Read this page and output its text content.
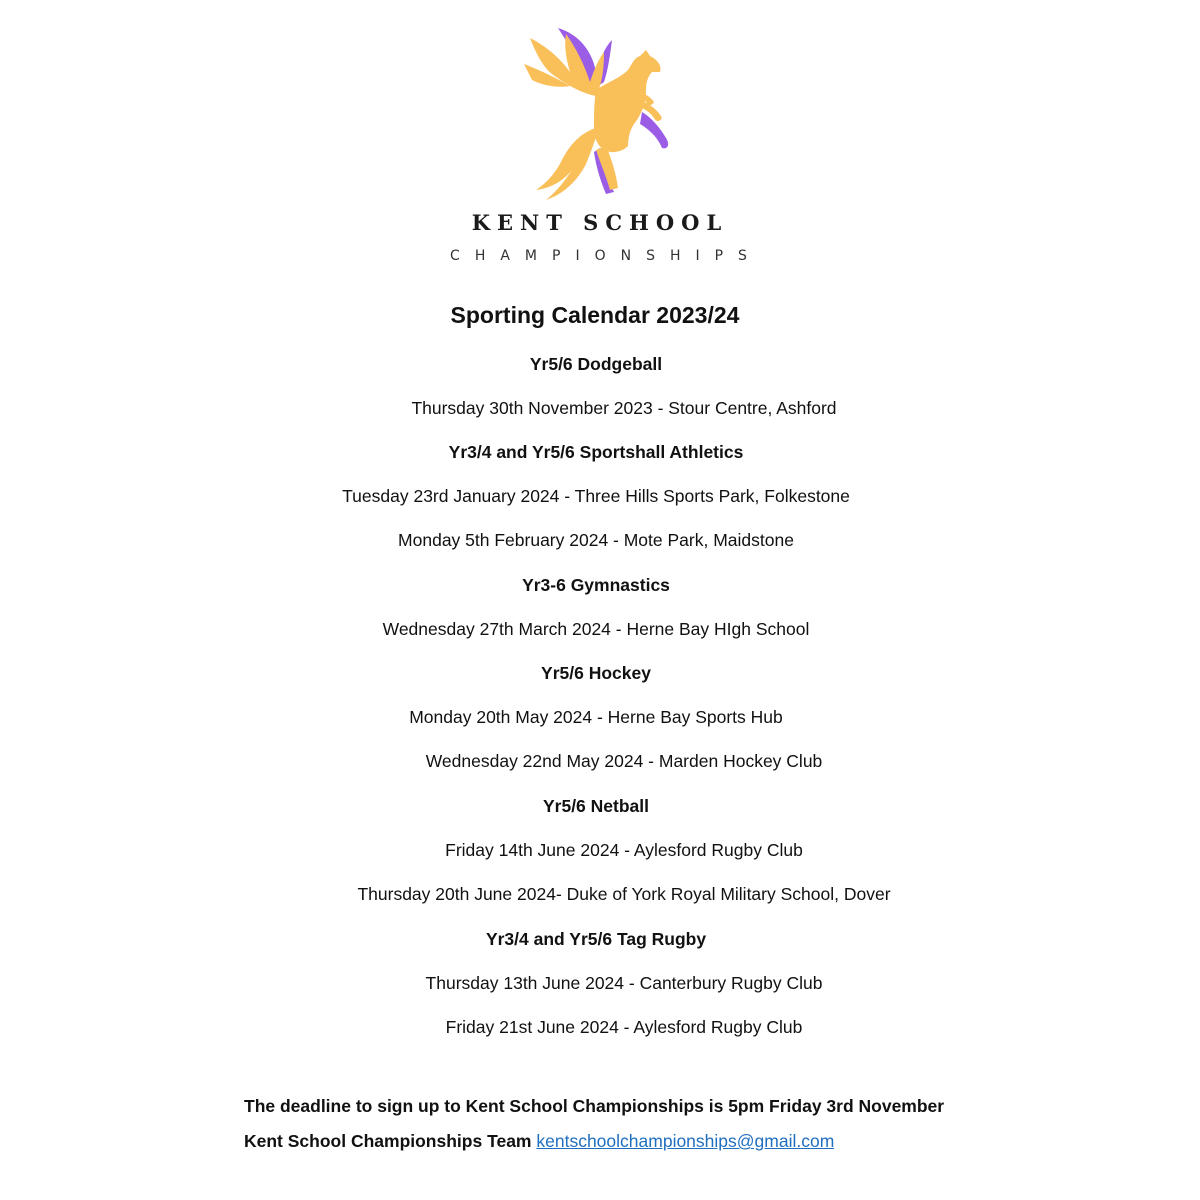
KENT SCHOOL
CHAMPIONSHIPS
Sporting Calendar 2023/24
Yr5/6 Dodgeball
Thursday 30th November 2023 - Stour Centre, Ashford
Yr3/4 and Yr5/6 Sportshall Athletics
Tuesday 23rd January 2024 - Three Hills Sports Park, Folkestone
Monday 5th February 2024 - Mote Park, Maidstone
Yr3-6 Gymnastics
Wednesday 27th March 2024 - Herne Bay HIgh School
Yr5/6 Hockey
Monday 20th May 2024 - Herne Bay Sports Hub
Wednesday 22nd May 2024 - Marden Hockey Club
Yr5/6 Netball
Friday 14th June 2024 - Aylesford Rugby Club
Thursday 20th June 2024- Duke of York Royal Military School, Dover
Yr3/4 and Yr5/6 Tag Rugby
Thursday 13th June 2024 - Canterbury Rugby Club
Friday 21st June 2024 - Aylesford Rugby Club
The deadline to sign up to Kent School Championships is 5pm Friday 3rd November
Kent School Championships Team kentschoolchampionships@gmail.com
